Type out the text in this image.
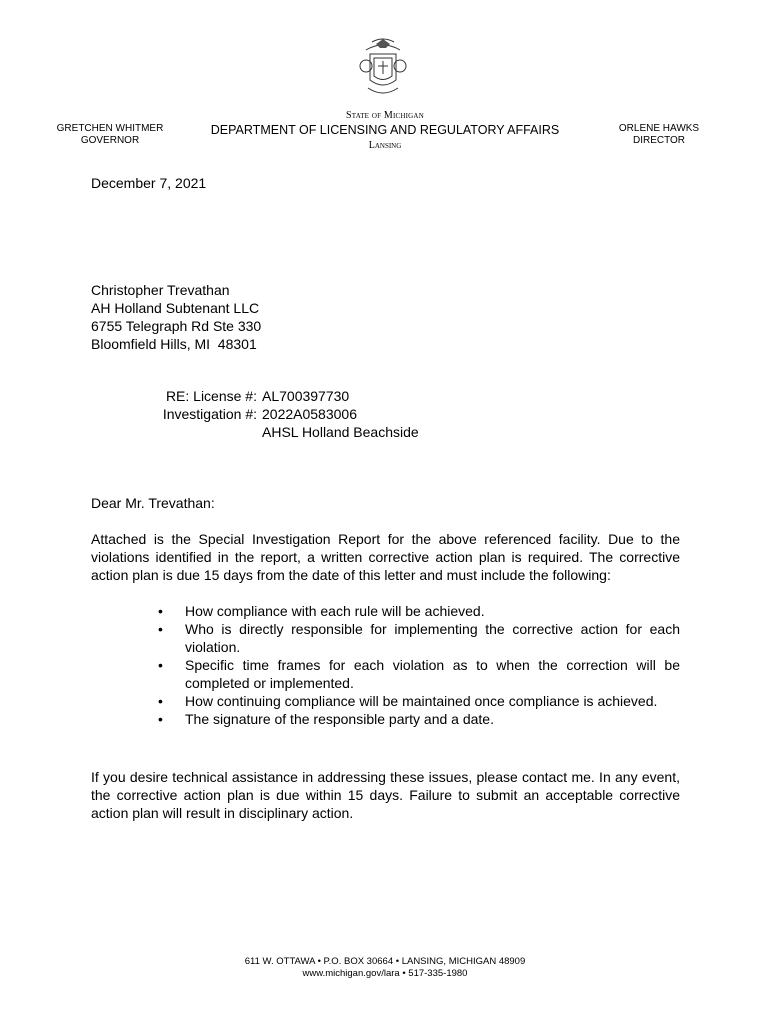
GRETCHEN WHITMER
GOVERNOR
State of Michigan
DEPARTMENT OF LICENSING AND REGULATORY AFFAIRS
Lansing
ORLENE HAWKS
DIRECTOR
December 7, 2021
Christopher Trevathan
AH Holland Subtenant LLC
6755 Telegraph Rd Ste 330
Bloomfield Hills, MI  48301
RE: License #: AL700397730
Investigation #: 2022A0583006
AHSL Holland Beachside
Dear Mr. Trevathan:
Attached is the Special Investigation Report for the above referenced facility. Due to the violations identified in the report, a written corrective action plan is required. The corrective action plan is due 15 days from the date of this letter and must include the following:
• How compliance with each rule will be achieved.
• Who is directly responsible for implementing the corrective action for each violation.
• Specific time frames for each violation as to when the correction will be completed or implemented.
• How continuing compliance will be maintained once compliance is achieved.
• The signature of the responsible party and a date.
If you desire technical assistance in addressing these issues, please contact me. In any event, the corrective action plan is due within 15 days. Failure to submit an acceptable corrective action plan will result in disciplinary action.
611 W. OTTAWA • P.O. BOX 30664 • LANSING, MICHIGAN 48909
www.michigan.gov/lara • 517-335-1980
